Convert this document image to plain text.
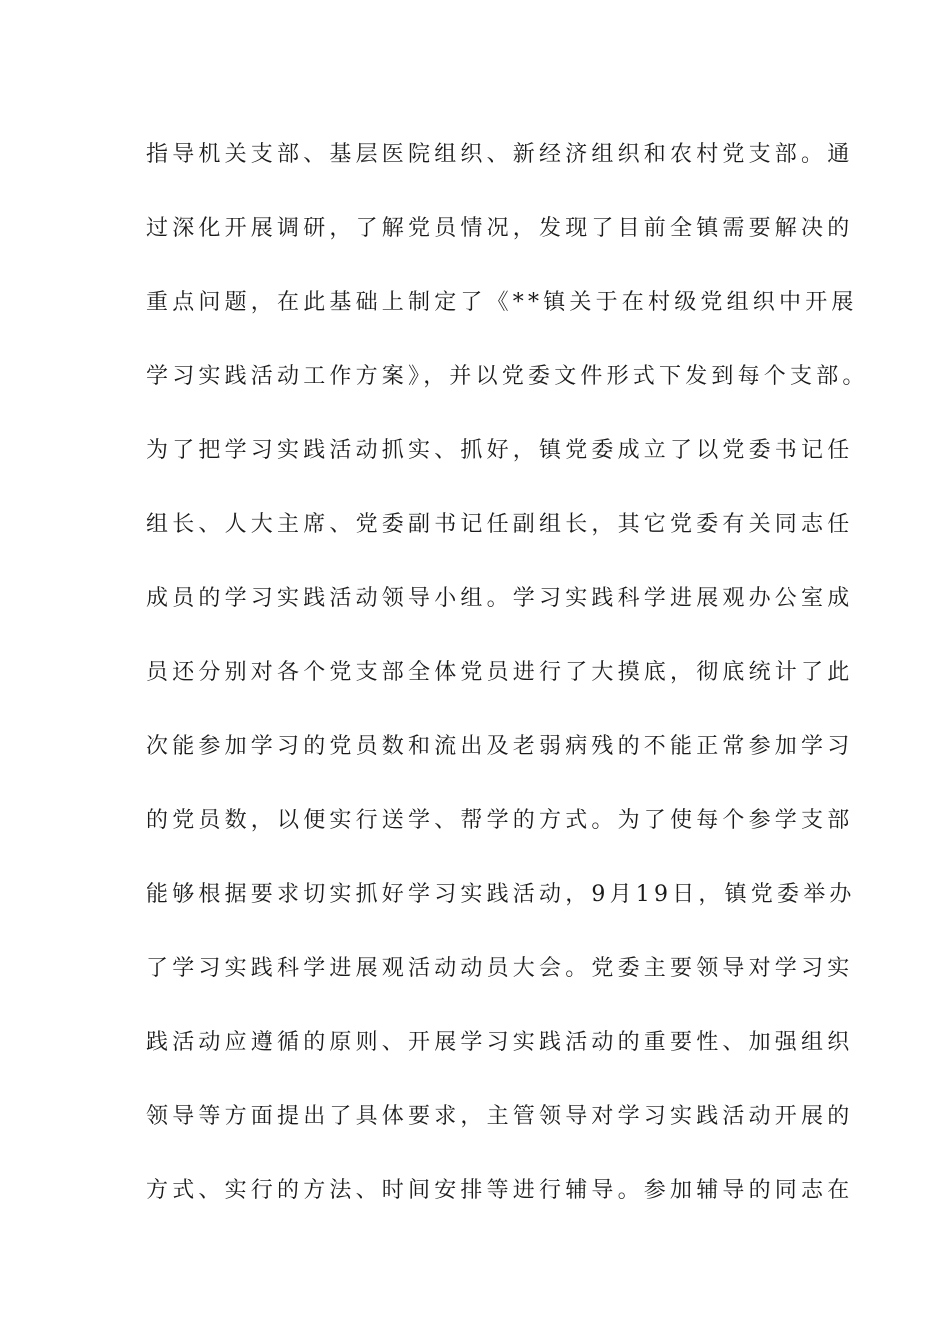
指导机关支部、基层医院组织、新经济组织和农村党支部。通
过深化开展调研，了解党员情况，发现了目前全镇需要解决的
重点问题，在此基础上制定了《**镇关于在村级党组织中开展
学习实践活动工作方案》，并以党委文件形式下发到每个支部。
为了把学习实践活动抓实、抓好，镇党委成立了以党委书记任
组长、人大主席、党委副书记任副组长，其它党委有关同志任
成员的学习实践活动领导小组。学习实践科学进展观办公室成
员还分别对各个党支部全体党员进行了大摸底，彻底统计了此
次能参加学习的党员数和流出及老弱病残的不能正常参加学习
的党员数，以便实行送学、帮学的方式。为了使每个参学支部
能够根据要求切实抓好学习实践活动，9月19日，镇党委举办
了学习实践科学进展观活动动员大会。党委主要领导对学习实
践活动应遵循的原则、开展学习实践活动的重要性、加强组织
领导等方面提出了具体要求，主管领导对学习实践活动开展的
方式、实行的方法、时间安排等进行辅导。参加辅导的同志在
